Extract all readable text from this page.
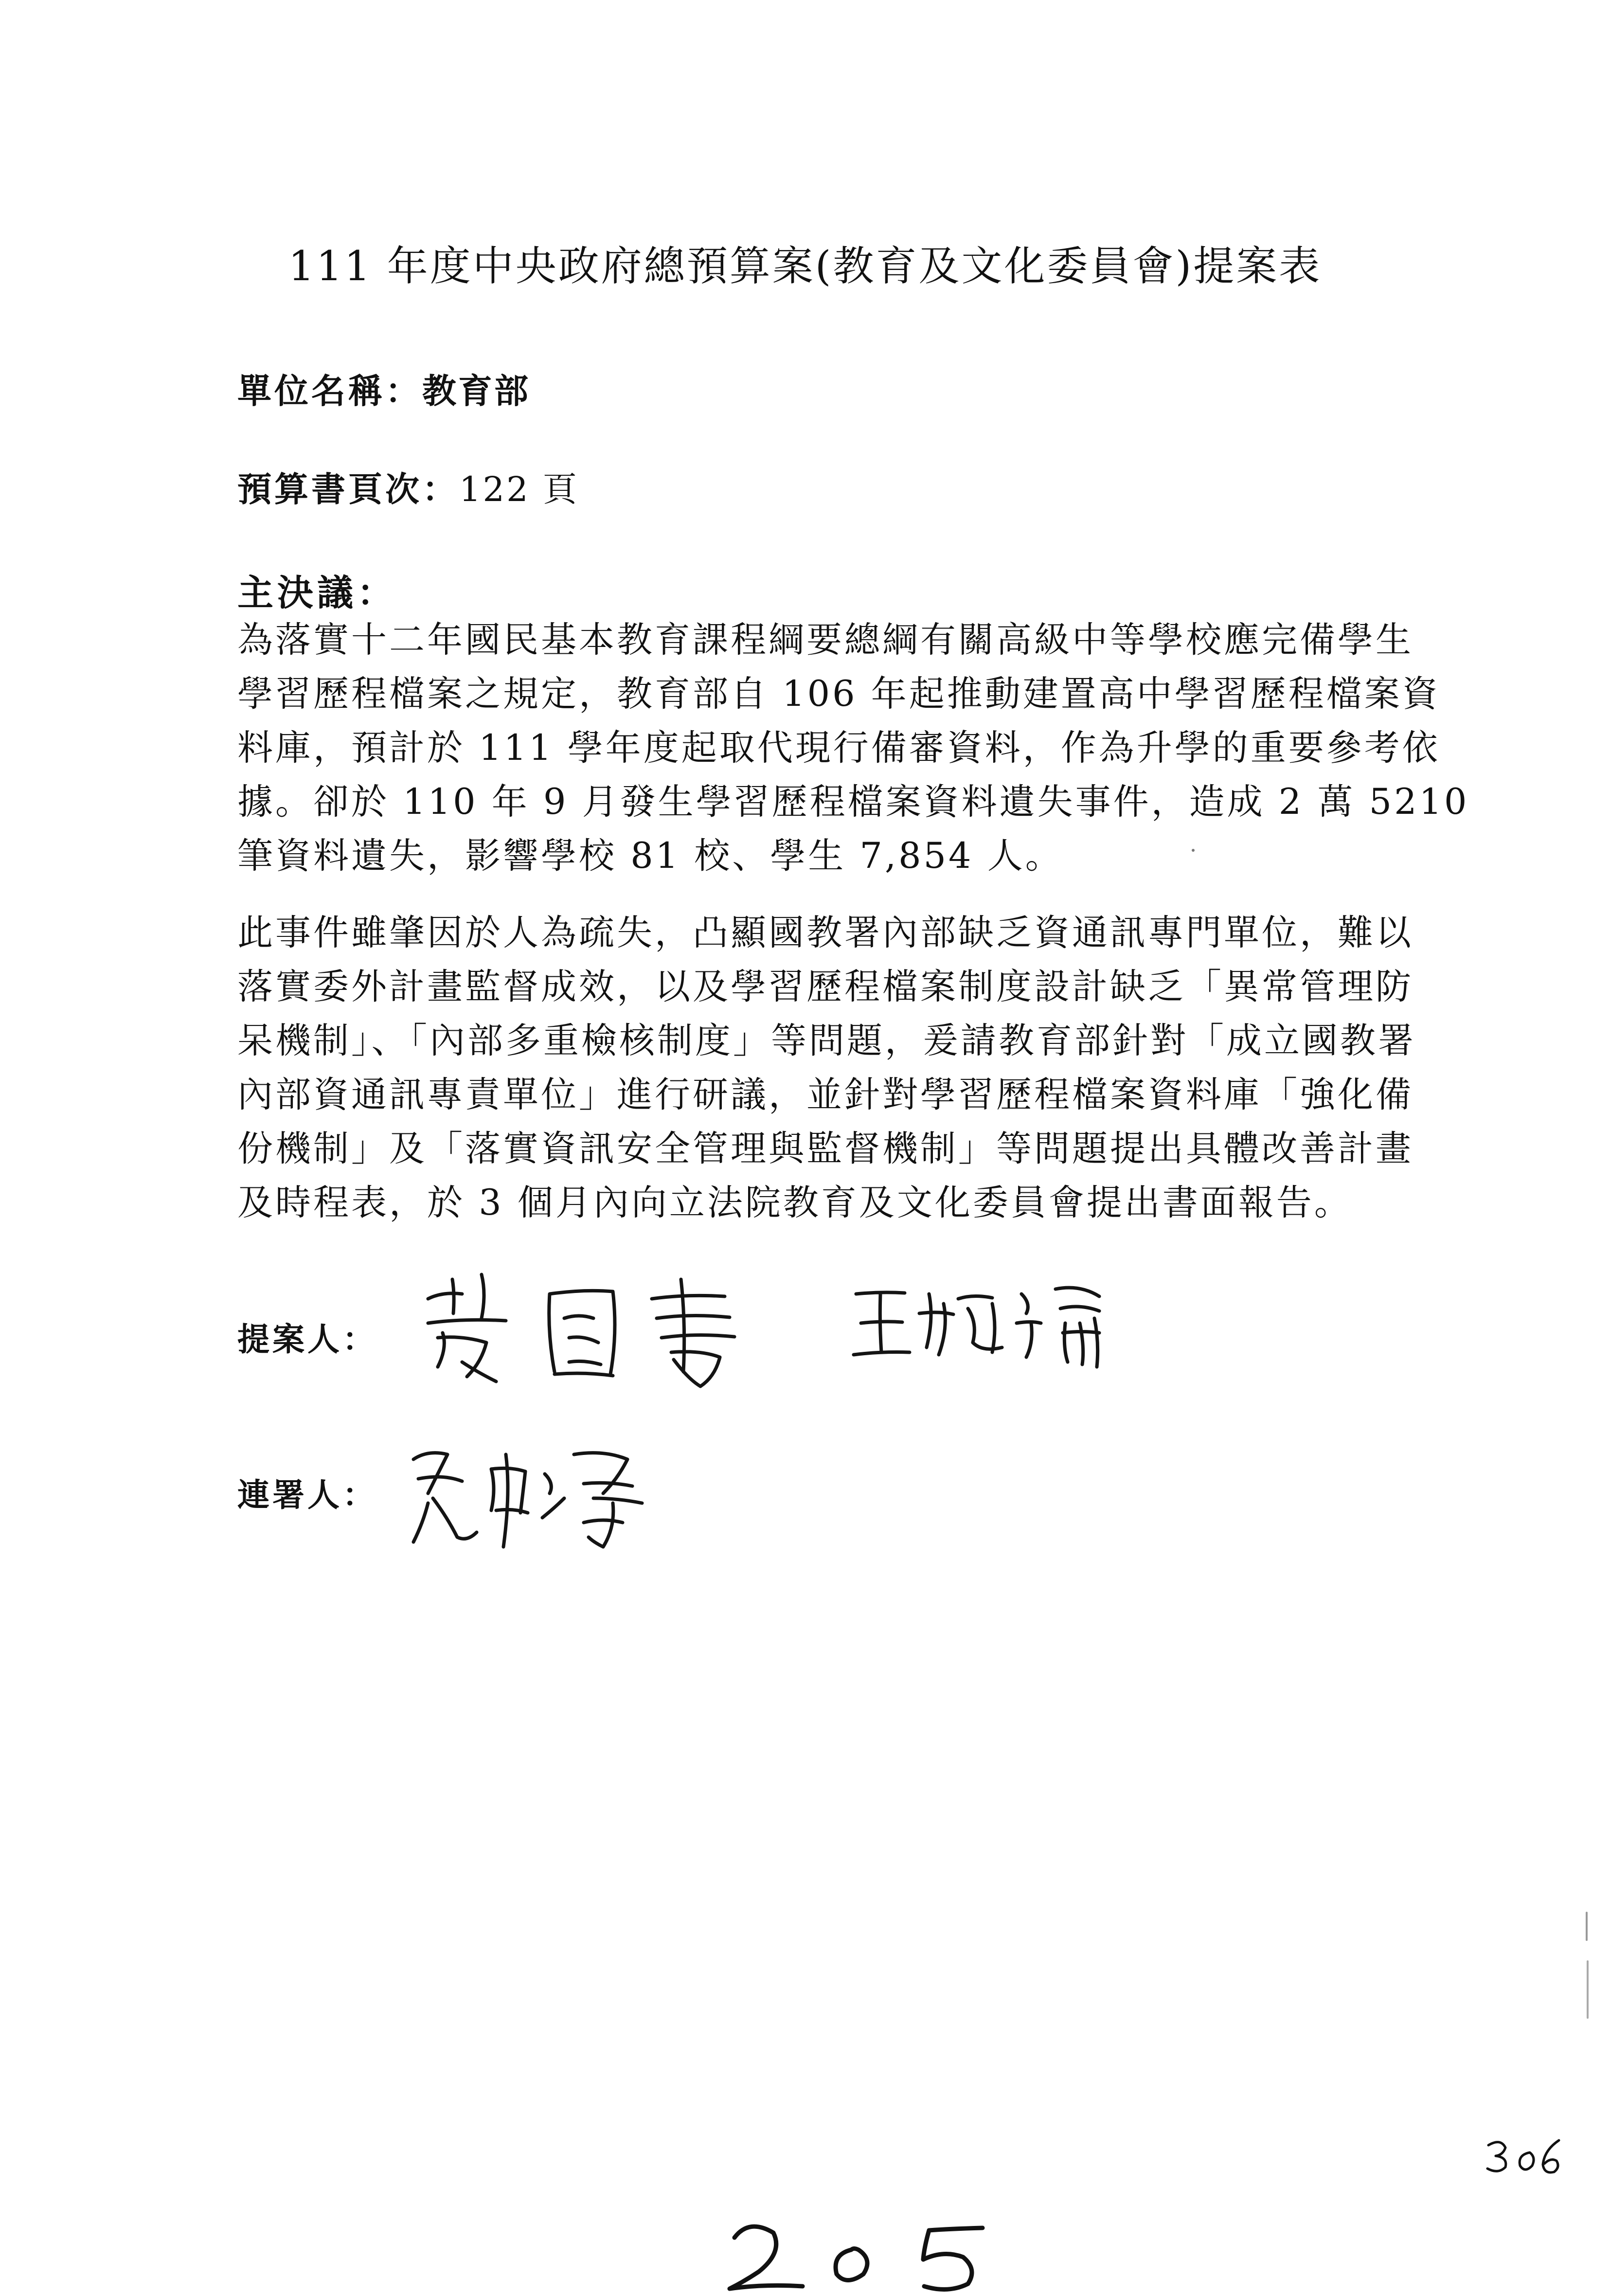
111 年度中央政府總預算案(教育及文化委員會)提案表
單位名稱：教育部
預算書頁次：122 頁
主決議：
為落實十二年國民基本教育課程綱要總綱有關高級中等學校應完備學生
學習歷程檔案之規定，教育部自 106 年起推動建置高中學習歷程檔案資
料庫，預計於 111 學年度起取代現行備審資料，作為升學的重要參考依
據。卻於 110 年 9 月發生學習歷程檔案資料遺失事件，造成 2 萬 5210
筆資料遺失，影響學校 81 校、學生 7,854 人。
此事件雖肇因於人為疏失，凸顯國教署內部缺乏資通訊專門單位，難以
落實委外計畫監督成效，以及學習歷程檔案制度設計缺乏「異常管理防
呆機制」、「內部多重檢核制度」等問題，爰請教育部針對「成立國教署
內部資通訊專責單位」進行研議，並針對學習歷程檔案資料庫「強化備
份機制」及「落實資訊安全管理與監督機制」等問題提出具體改善計畫
及時程表，於 3 個月內向立法院教育及文化委員會提出書面報告。
提案人：
連署人：
